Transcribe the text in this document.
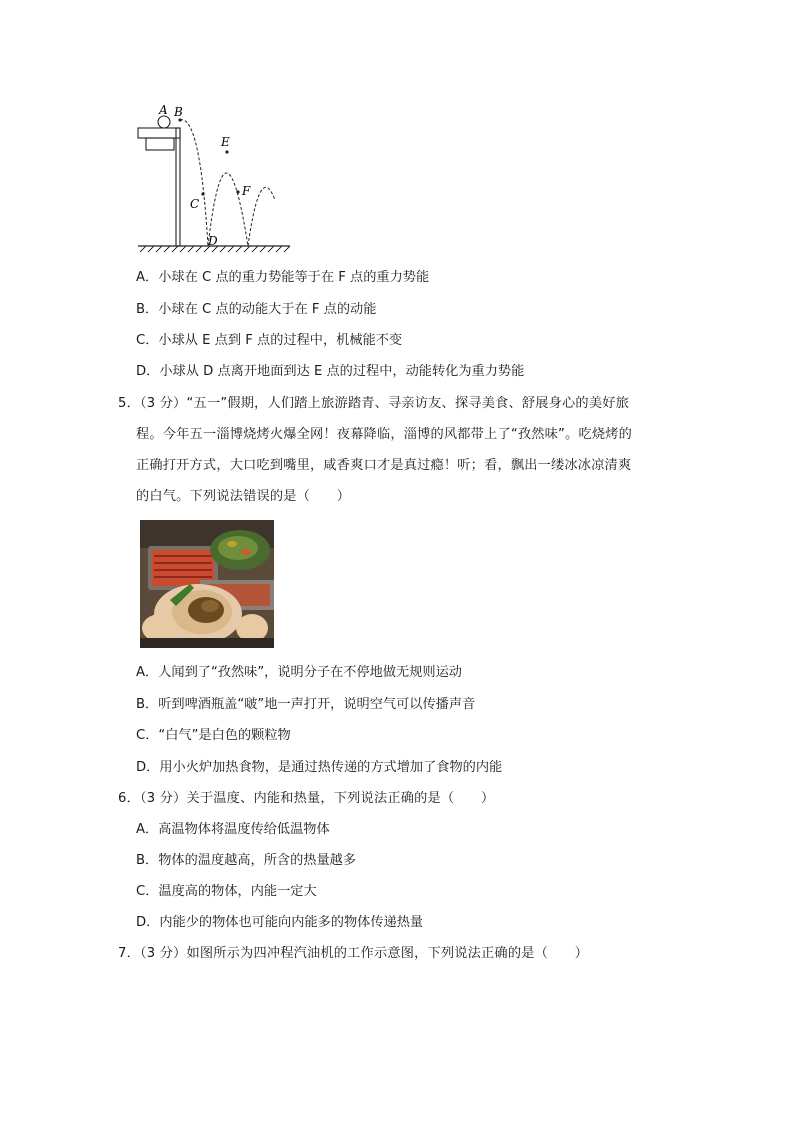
A B
C
D
E
F
A．小球在 C 点的重力势能等于在 F 点的重力势能
B．小球在 C 点的动能大于在 F 点的动能
C．小球从 E 点到 F 点的过程中，机械能不变
D．小球从 D 点离开地面到达 E 点的过程中，动能转化为重力势能
5．（3 分）“五一”假期，人们踏上旅游踏青、寻亲访友、探寻美食、舒展身心的美好旅
程。今年五一淄博烧烤火爆全网！夜幕降临，淄博的风都带上了“孜然味”。吃烧烤的
正确打开方式，大口吃到嘴里，咸香爽口才是真过瘾！听；看，飘出一缕冰冰凉清爽
的白气。下列说法错误的是（　　）
A．人闻到了“孜然味”，说明分子在不停地做无规则运动
B．听到啤酒瓶盖“啵”地一声打开，说明空气可以传播声音
C．“白气”是白色的颗粒物
D．用小火炉加热食物，是通过热传递的方式增加了食物的内能
6．（3 分）关于温度、内能和热量，下列说法正确的是（　　）
A．高温物体将温度传给低温物体
B．物体的温度越高，所含的热量越多
C．温度高的物体，内能一定大
D．内能少的物体也可能向内能多的物体传递热量
7．（3 分）如图所示为四冲程汽油机的工作示意图，下列说法正确的是（　　）
